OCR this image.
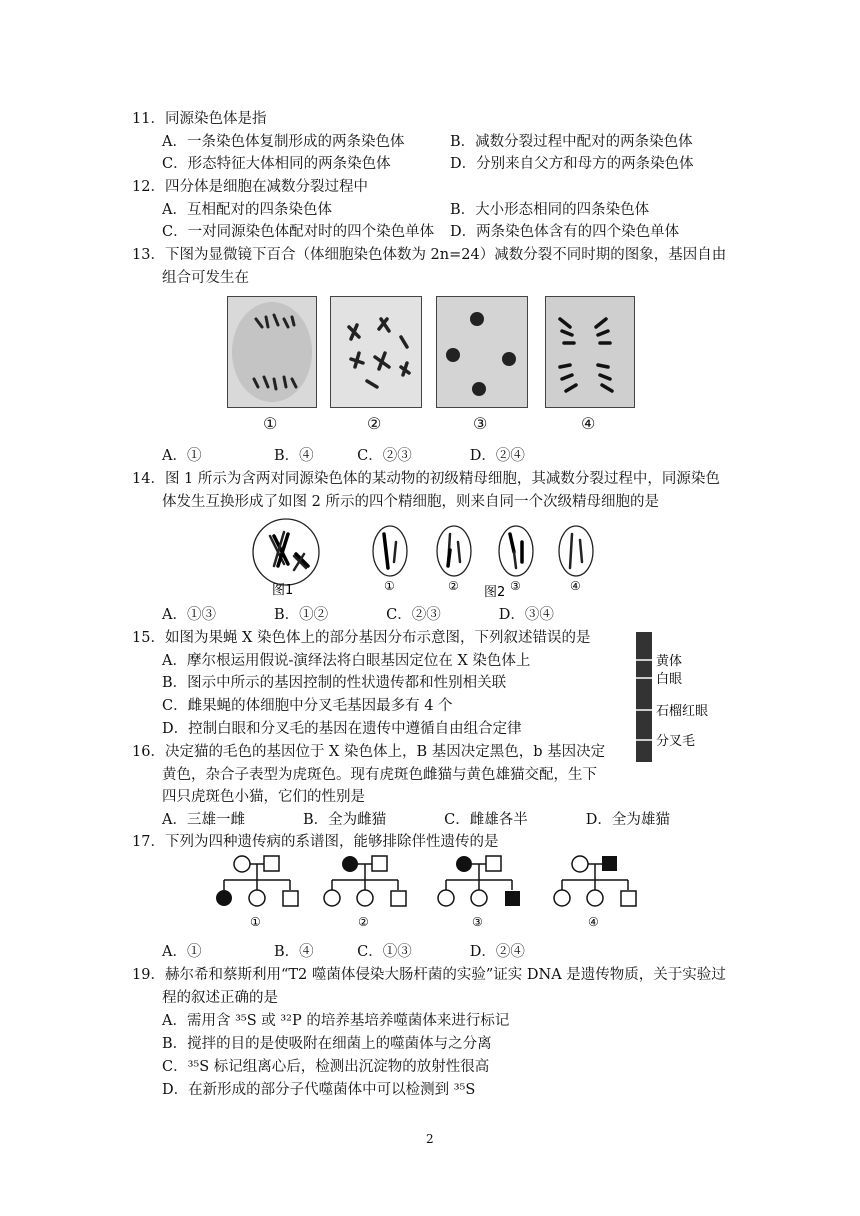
11．同源染色体是指
A．一条染色体复制形成的两条染色体	B．减数分裂过程中配对的两条染色体
C．形态特征大体相同的两条染色体	D．分别来自父方和母方的两条染色体
12．四分体是细胞在减数分裂过程中
A．互相配对的四条染色体	B．大小形态相同的四条染色体
C．一对同源染色体配对时的四个染色单体 D．两条染色体含有的四个染色单体
13．下图为显微镜下百合（体细胞染色体数为 2n=24）减数分裂不同时期的图象，基因自由
组合可发生在
①	②	③	④
A．①　　　　　B．④　　　C．②③　　　　D．②④
14．图 1 所示为含两对同源染色体的某动物的初级精母细胞，其减数分裂过程中，同源染色
体发生互换形成了如图 2 所示的四个精细胞，则来自同一个次级精母细胞的是
图1	①	② 图2 ③	④
A．①③　　　　B．①②　　　　C．②③　　　　D．③④
15．如图为果蝇 X 染色体上的部分基因分布示意图，下列叙述错误的是
A．摩尔根运用假说-演绎法将白眼基因定位在 X 染色体上
B．图示中所示的基因控制的性状遗传都和性别相关联
C．雌果蝇的体细胞中分叉毛基因最多有 4 个
D．控制白眼和分叉毛的基因在遗传中遵循自由组合定律
黄体
白眼
石榴红眼
分叉毛
16．决定猫的毛色的基因位于 X 染色体上，B 基因决定黑色，b 基因决定
黄色，杂合子表型为虎斑色。现有虎斑色雌猫与黄色雄猫交配，生下
四只虎斑色小猫，它们的性别是
A．三雄一雌　　　　B．全为雌猫　　　　C．雌雄各半　　　　D．全为雄猫
17．下列为四种遗传病的系谱图，能够排除伴性遗传的是
①	②	③	④
A．①　　　　　B．④　　　C．①③　　　　D．②④
19．赫尔希和蔡斯利用“T2 噬菌体侵染大肠杆菌的实验”证实 DNA 是遗传物质，关于实验过
程的叙述正确的是
A．需用含 ³⁵S 或 ³²P 的培养基培养噬菌体来进行标记
B．搅拌的目的是使吸附在细菌上的噬菌体与之分离
C．³⁵S 标记组离心后，检测出沉淀物的放射性很高
D．在新形成的部分子代噬菌体中可以检测到 ³⁵S
2
